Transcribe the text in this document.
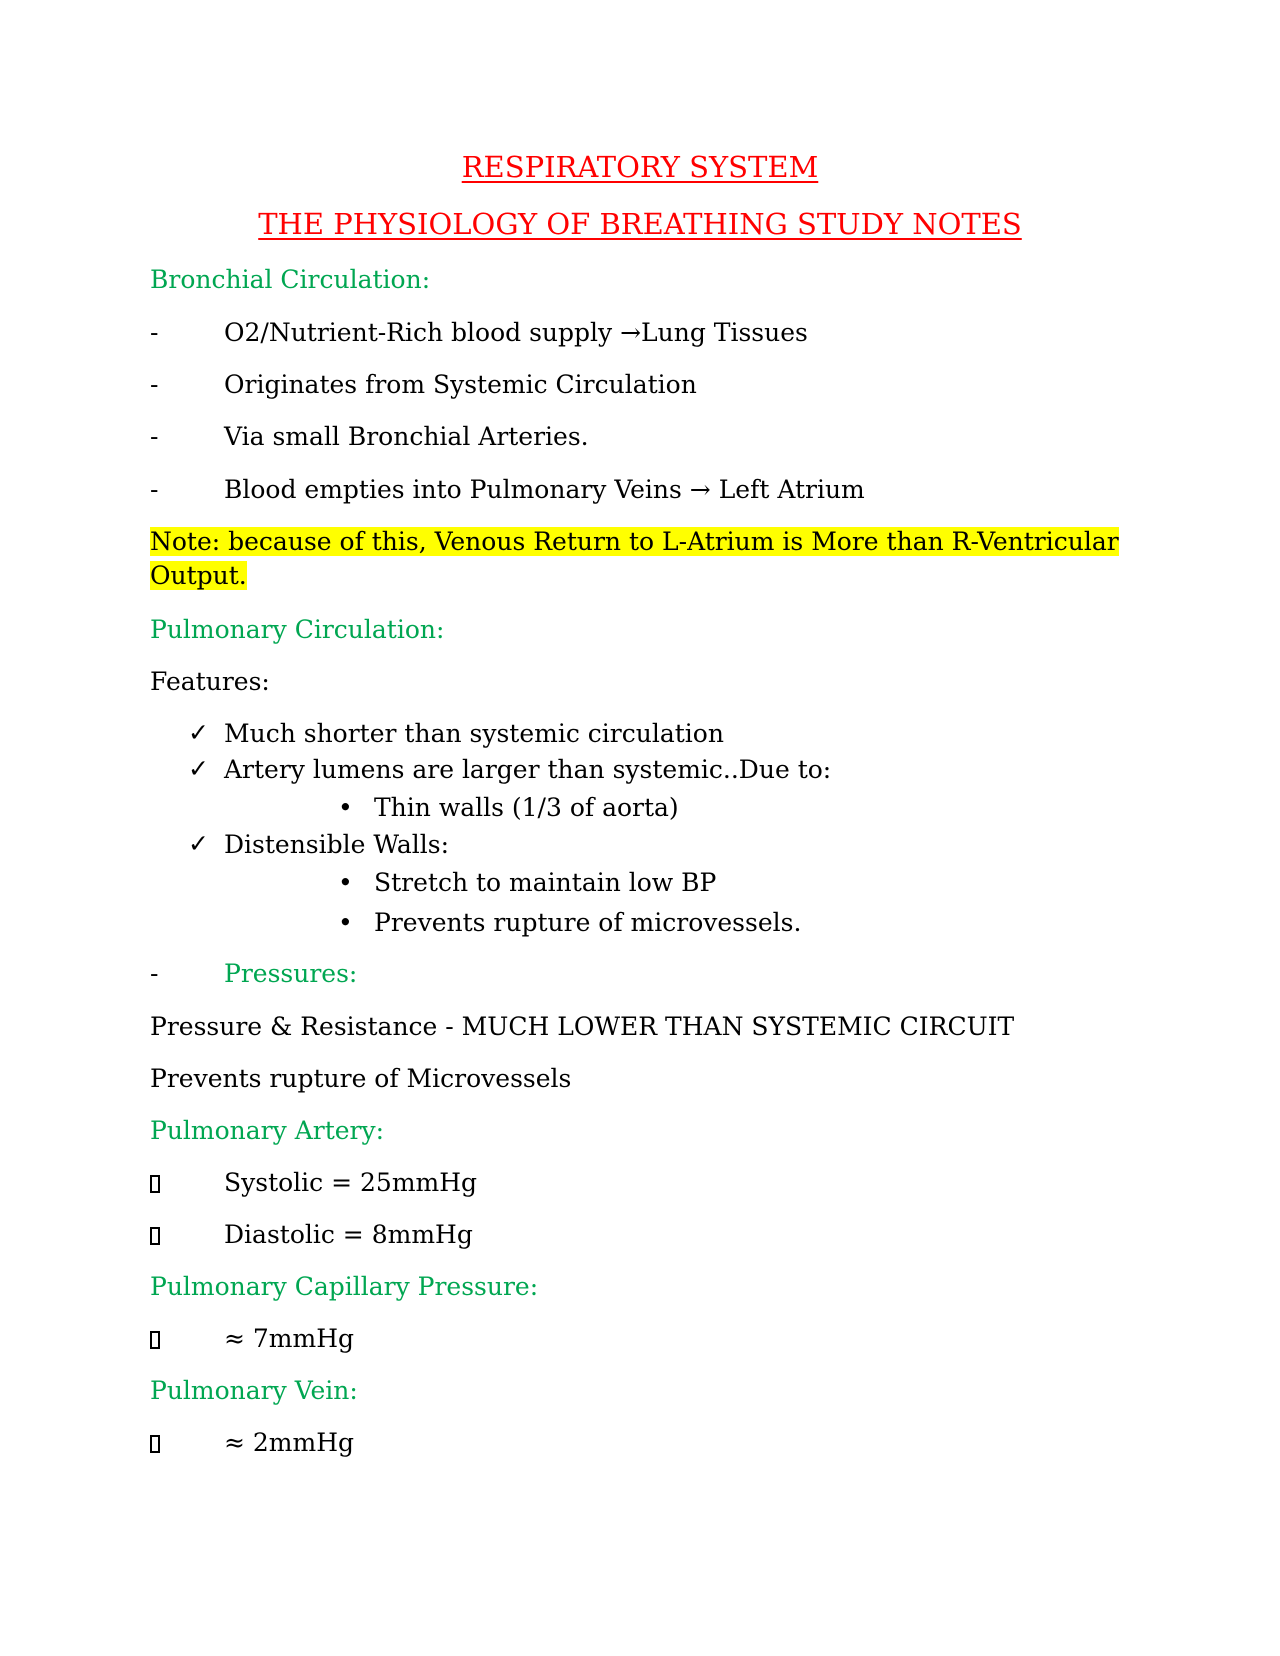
RESPIRATORY SYSTEM
THE PHYSIOLOGY OF BREATHING STUDY NOTES
Bronchial Circulation:
-	O2/Nutrient-Rich blood supply →Lung Tissues
-	Originates from Systemic Circulation
-	Via small Bronchial Arteries.
-	Blood empties into Pulmonary Veins → Left Atrium
Note: because of this, Venous Return to L-Atrium is More than R-Ventricular Output.
Pulmonary Circulation:
Features:
✓ Much shorter than systemic circulation
✓ Artery lumens are larger than systemic..Due to:
• Thin walls (1/3 of aorta)
✓ Distensible Walls:
• Stretch to maintain low BP
• Prevents rupture of microvessels.
-	Pressures:
Pressure & Resistance - MUCH LOWER THAN SYSTEMIC CIRCUIT
Prevents rupture of Microvessels
Pulmonary Artery:
Systolic = 25mmHg
Diastolic = 8mmHg
Pulmonary Capillary Pressure:
≈ 7mmHg
Pulmonary Vein:
≈ 2mmHg
